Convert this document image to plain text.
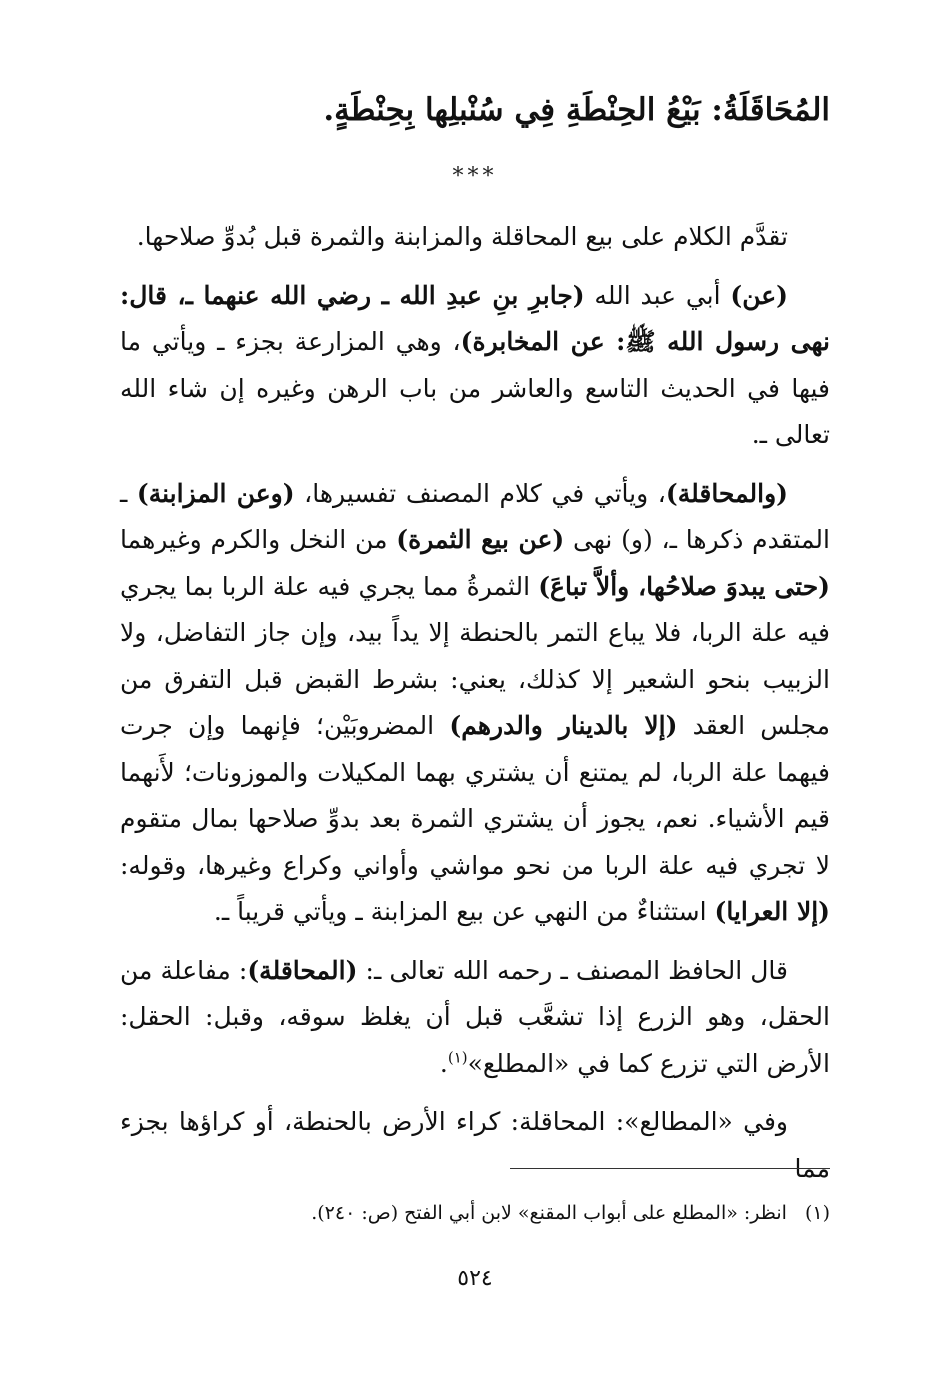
المُحَاقَلَةُ: بَيْعُ الحِنْطَةِ فِي سُنْبلِها بِحِنْطَةٍ.
***

تقدَّم الكلام على بيع المحاقلة والمزابنة والثمرة قبل بُدوِّ صلاحها.

(عن) أبي عبد الله (جابرِ بنِ عبدِ الله ـ رضي الله عنهما ـ، قال: نهى رسول الله ﷺ: عن المخابرة)، وهي المزارعة بجزء ـ ويأتي ما فيها في الحديث التاسع والعاشر من باب الرهن وغيره إن شاء الله تعالى ـ.

(والمحاقلة)، ويأتي في كلام المصنف تفسيرها، (وعن المزابنة) ـ المتقدم ذكرها ـ، (و) نهى (عن بيع الثمرة) من النخل والكرم وغيرهما (حتى يبدوَ صلاحُها، وألاَّ تباعَ) الثمرةُ مما يجري فيه علة الربا بما يجري فيه علة الربا، فلا يباع التمر بالحنطة إلا يداً بيد، وإن جاز التفاضل، ولا الزبيب بنحو الشعير إلا كذلك، يعني: بشرط القبض قبل التفرق من مجلس العقد (إلا بالدينار والدرهم) المضروبَيْن؛ فإنهما وإن جرت فيهما علة الربا، لم يمتنع أن يشتري بهما المكيلات والموزونات؛ لأَنهما قيم الأشياء. نعم، يجوز أن يشتري الثمرة بعد بدوِّ صلاحها بمال متقوم لا تجري فيه علة الربا من نحو مواشي وأواني وكراع وغيرها، وقوله: (إلا العرايا) استثناءٌ من النهي عن بيع المزابنة ـ ويأتي قريباً ـ.

قال الحافظ المصنف ـ رحمه الله تعالى ـ: (المحاقلة): مفاعلة من الحقل، وهو الزرع إذا تشعَّب قبل أن يغلظ سوقه، وقبل: الحقل: الأرض التي تزرع كما في «المطلع»$^{(١)}$.

وفي «المطالع»: المحاقلة: كراء الأرض بالحنطة، أو كراؤها بجزء مما

(١)انظر: «المطلع على أبواب المقنع» لابن أبي الفتح (ص: ٢٤٠).

٥٢٤
